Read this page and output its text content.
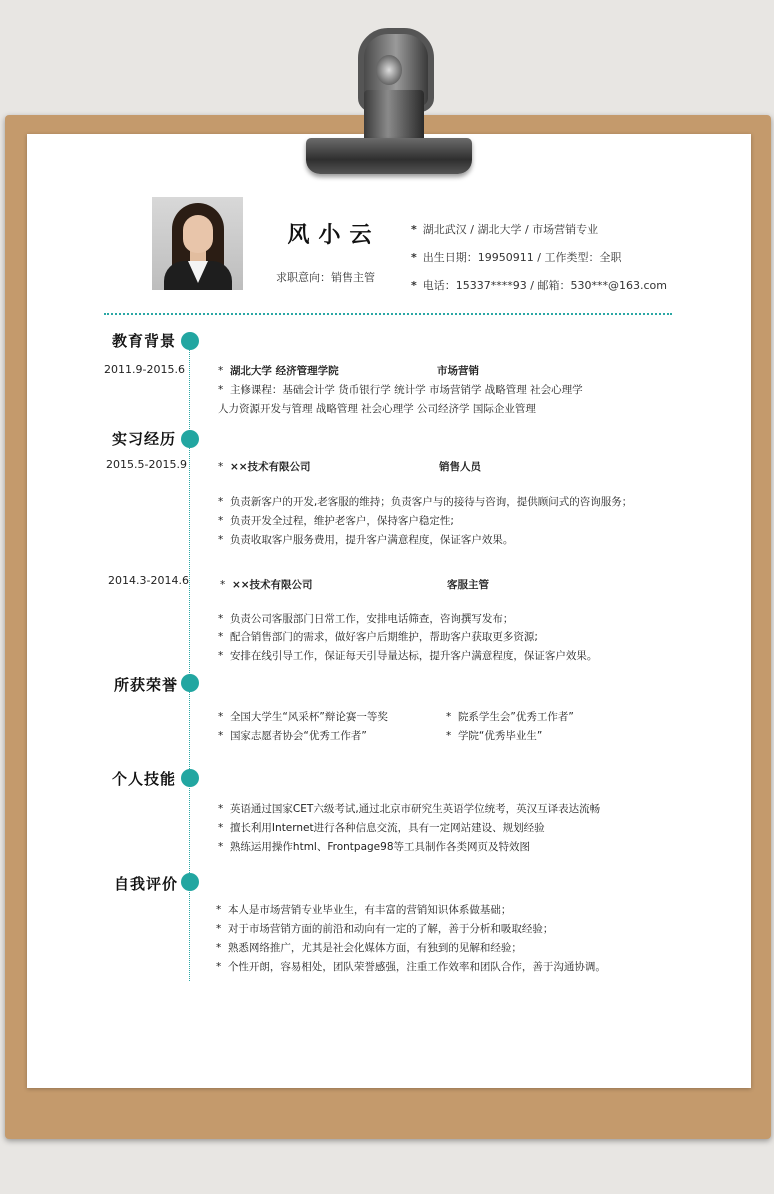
风小云
求职意向：销售主管
* 湖北武汉 / 湖北大学 / 市场营销专业
* 出生日期：19950911 / 工作类型：全职
* 电话：15337****93 / 邮箱：530***@163.com
教育背景
2011.9-2015.6	* 湖北大学 经济管理学院	市场营销
* 主修课程：基础会计学 货币银行学 统计学 市场营销学 战略管理 社会心理学
人力资源开发与管理 战略管理 社会心理学 公司经济学 国际企业管理
实习经历
2015.5-2015.9	* ××技术有限公司	销售人员
* 负责新客户的开发,老客服的维持；负责客户与的接待与咨询，提供顾问式的咨询服务；
* 负责开发全过程，维护老客户，保持客户稳定性;
* 负责收取客户服务费用，提升客户满意程度，保证客户效果。
2014.3-2014.6	* ××技术有限公司	客服主管
* 负责公司客服部门日常工作，安排电话筛查，咨询撰写发布；
* 配合销售部门的需求，做好客户后期维护，帮助客户获取更多资源;
* 安排在线引导工作，保证每天引导量达标，提升客户满意程度，保证客户效果。
所获荣誉
* 全国大学生“风采杯”辩论赛一等奖	* 院系学生会”优秀工作者”
* 国家志愿者协会“优秀工作者”	* 学院“优秀毕业生”
个人技能
* 英语通过国家CET六级考试,通过北京市研究生英语学位统考，英汉互译表达流畅
* 擅长利用Internet进行各种信息交流，具有一定网站建设、规划经验
* 熟练运用操作html、Frontpage98等工具制作各类网页及特效图
自我评价
* 本人是市场营销专业毕业生，有丰富的营销知识体系做基础；
* 对于市场营销方面的前沿和动向有一定的了解，善于分析和吸取经验；
* 熟悉网络推广，尤其是社会化媒体方面，有独到的见解和经验；
* 个性开朗，容易相处，团队荣誉感强，注重工作效率和团队合作，善于沟通协调。
